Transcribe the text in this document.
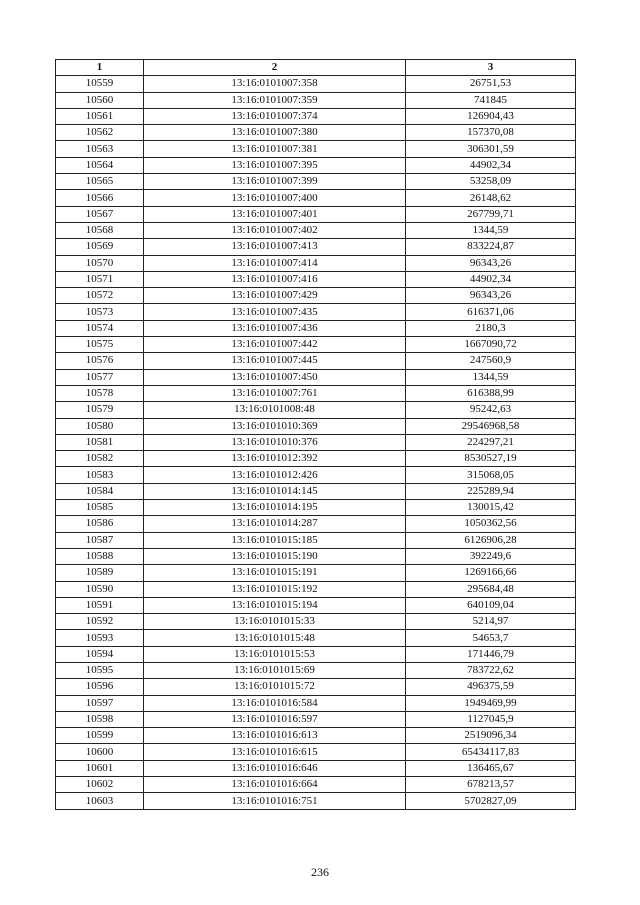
1	2	3
10559	13:16:0101007:358	26751,53
10560	13:16:0101007:359	741845
10561	13:16:0101007:374	126904,43
10562	13:16:0101007:380	157370,08
10563	13:16:0101007:381	306301,59
10564	13:16:0101007:395	44902,34
10565	13:16:0101007:399	53258,09
10566	13:16:0101007:400	26148,62
10567	13:16:0101007:401	267799,71
10568	13:16:0101007:402	1344,59
10569	13:16:0101007:413	833224,87
10570	13:16:0101007:414	96343,26
10571	13:16:0101007:416	44902,34
10572	13:16:0101007:429	96343,26
10573	13:16:0101007:435	616371,06
10574	13:16:0101007:436	2180,3
10575	13:16:0101007:442	1667090,72
10576	13:16:0101007:445	247560,9
10577	13:16:0101007:450	1344,59
10578	13:16:0101007:761	616388,99
10579	13:16:0101008:48	95242,63
10580	13:16:0101010:369	29546968,58
10581	13:16:0101010:376	224297,21
10582	13:16:0101012:392	8530527,19
10583	13:16:0101012:426	315068,05
10584	13:16:0101014:145	225289,94
10585	13:16:0101014:195	130015,42
10586	13:16:0101014:287	1050362,56
10587	13:16:0101015:185	6126906,28
10588	13:16:0101015:190	392249,6
10589	13:16:0101015:191	1269166,66
10590	13:16:0101015:192	295684,48
10591	13:16:0101015:194	640109,04
10592	13:16:0101015:33	5214,97
10593	13:16:0101015:48	54653,7
10594	13:16:0101015:53	171446,79
10595	13:16:0101015:69	783722,62
10596	13:16:0101015:72	496375,59
10597	13:16:0101016:584	1949469,99
10598	13:16:0101016:597	1127045,9
10599	13:16:0101016:613	2519096,34
10600	13:16:0101016:615	65434117,83
10601	13:16:0101016:646	136465,67
10602	13:16:0101016:664	678213,57
10603	13:16:0101016:751	5702827,09
236
